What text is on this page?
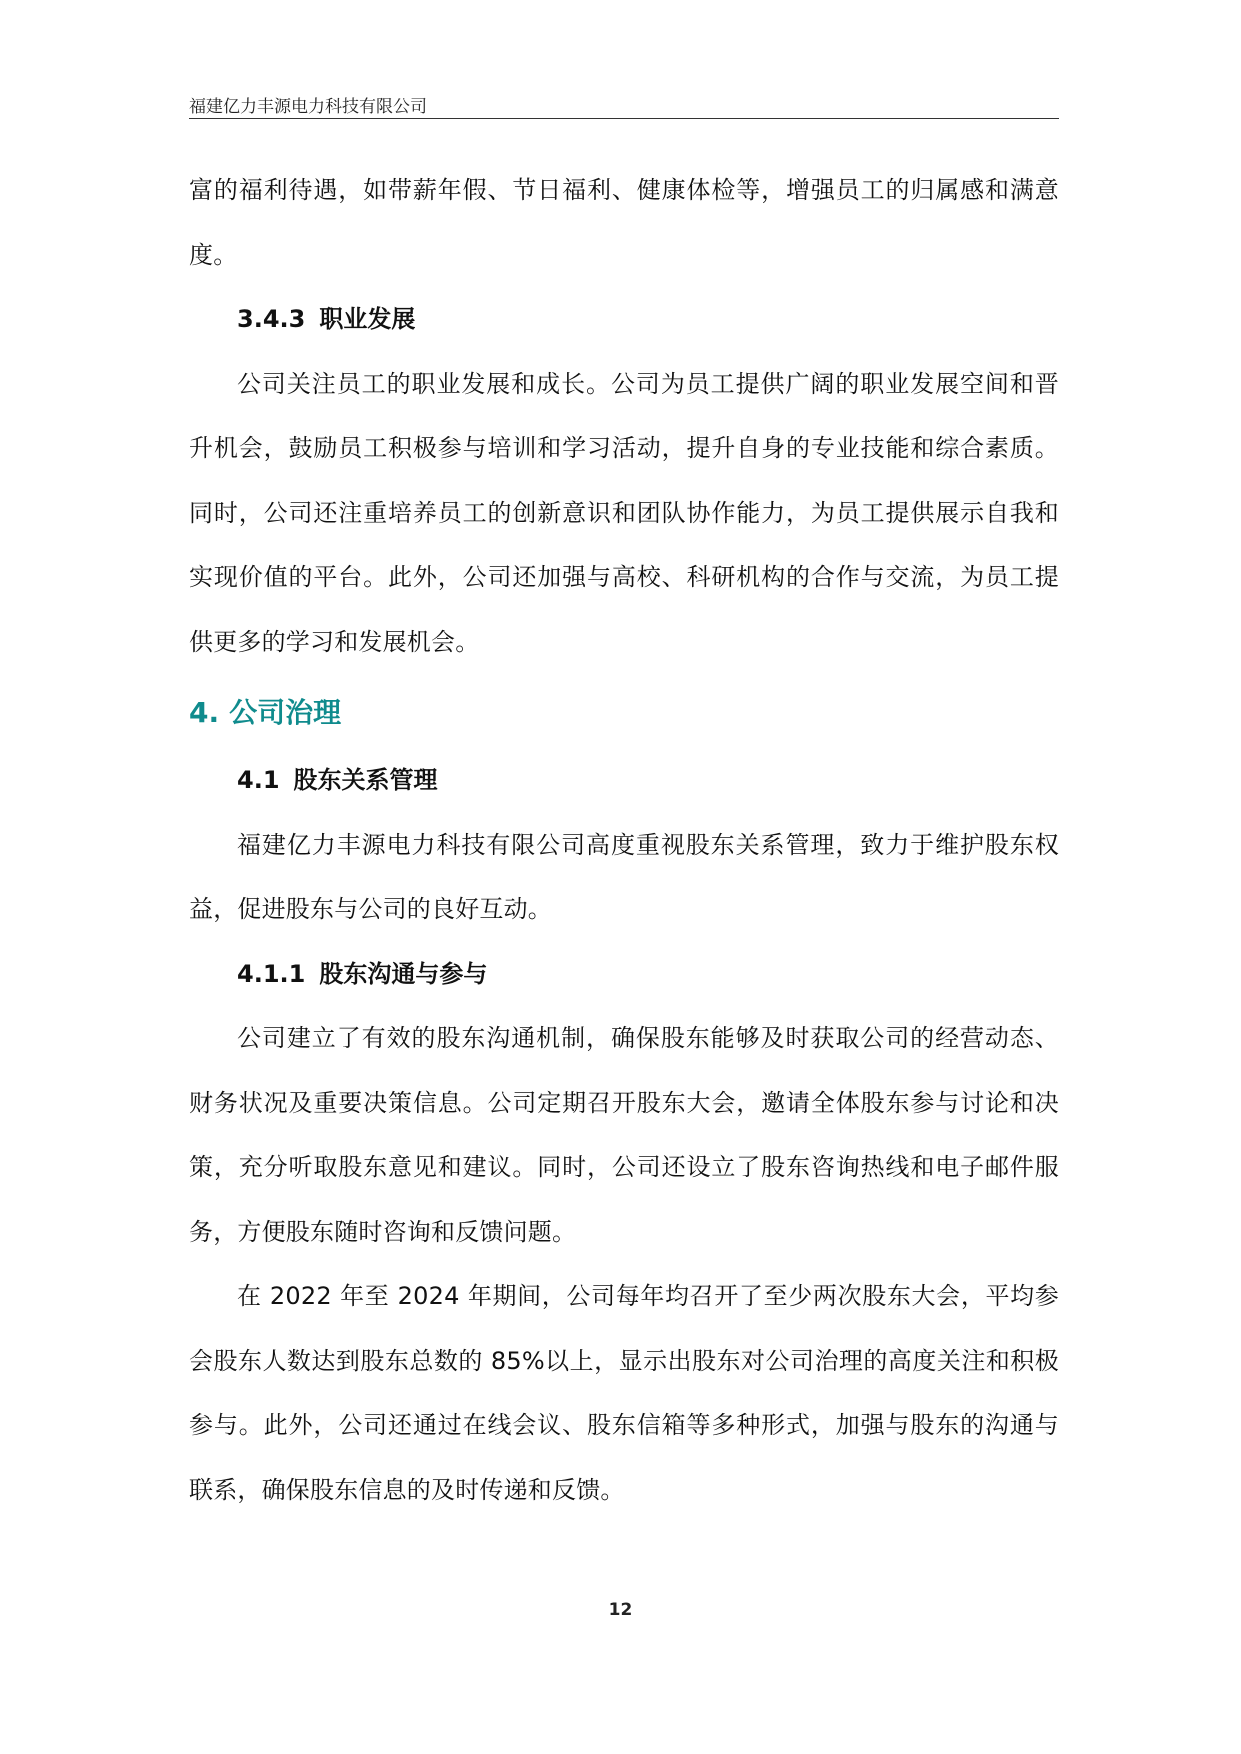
福建亿力丰源电力科技有限公司

富的福利待遇，如带薪年假、节日福利、健康体检等，增强员工的归属感和满意度。

3.4.3 职业发展

公司关注员工的职业发展和成长。公司为员工提供广阔的职业发展空间和晋升机会，鼓励员工积极参与培训和学习活动，提升自身的专业技能和综合素质。同时，公司还注重培养员工的创新意识和团队协作能力，为员工提供展示自我和实现价值的平台。此外，公司还加强与高校、科研机构的合作与交流，为员工提供更多的学习和发展机会。

4. 公司治理
4.1 股东关系管理

福建亿力丰源电力科技有限公司高度重视股东关系管理，致力于维护股东权益，促进股东与公司的良好互动。

4.1.1 股东沟通与参与

公司建立了有效的股东沟通机制，确保股东能够及时获取公司的经营动态、财务状况及重要决策信息。公司定期召开股东大会，邀请全体股东参与讨论和决策，充分听取股东意见和建议。同时，公司还设立了股东咨询热线和电子邮件服务，方便股东随时咨询和反馈问题。

在 2022 年至 2024 年期间，公司每年均召开了至少两次股东大会，平均参会股东人数达到股东总数的 85%以上，显示出股东对公司治理的高度关注和积极参与。此外，公司还通过在线会议、股东信箱等多种形式，加强与股东的沟通与联系，确保股东信息的及时传递和反馈。

12
